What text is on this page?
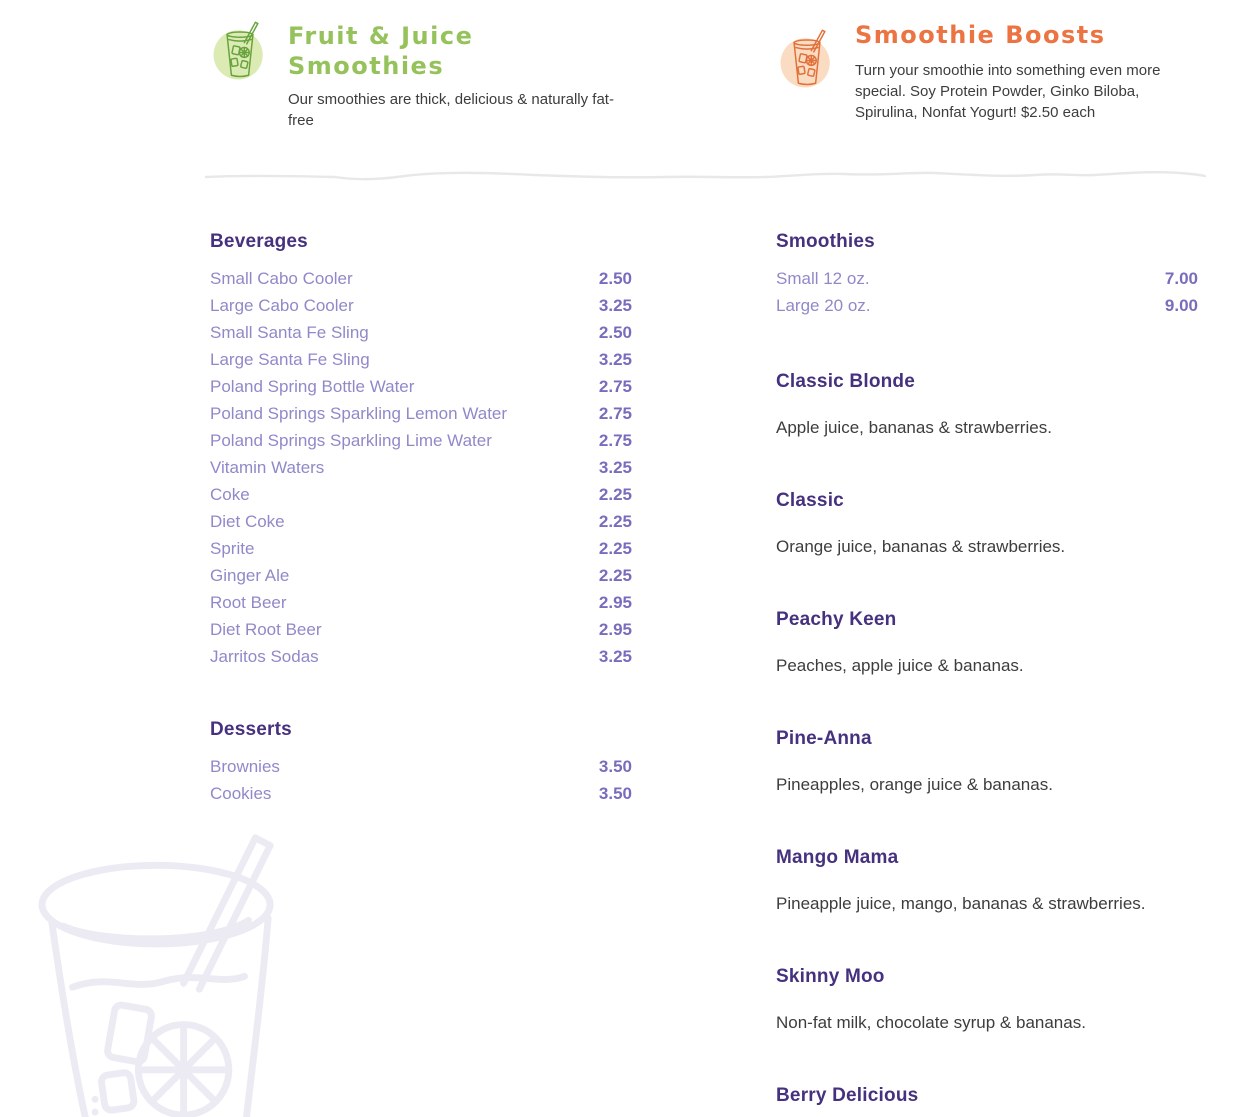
Fruit & Juice Smoothies

Our smoothies are thick, delicious & naturally fat-free

Smoothie Boosts

Turn your smoothie into something even more special. Soy Protein Powder, Ginko Biloba, Spirulina, Nonfat Yogurt! $2.50 each

Beverages
Small Cabo Cooler	2.50
Large Cabo Cooler	3.25
Small Santa Fe Sling	2.50
Large Santa Fe Sling	3.25
Poland Spring Bottle Water	2.75
Poland Springs Sparkling Lemon Water	2.75
Poland Springs Sparkling Lime Water	2.75
Vitamin Waters	3.25
Coke	2.25
Diet Coke	2.25
Sprite	2.25
Ginger Ale	2.25
Root Beer	2.95
Diet Root Beer	2.95
Jarritos Sodas	3.25
Desserts
Brownies	3.50
Cookies	3.50
Smoothies
Small 12 oz.	7.00
Large 20 oz.	9.00
Classic Blonde

Apple juice, bananas & strawberries.

Classic

Orange juice, bananas & strawberries.

Peachy Keen

Peaches, apple juice & bananas.

Pine-Anna

Pineapples, orange juice & bananas.

Mango Mama

Pineapple juice, mango, bananas & strawberries.

Skinny Moo

Non-fat milk, chocolate syrup & bananas.

Berry Delicious
